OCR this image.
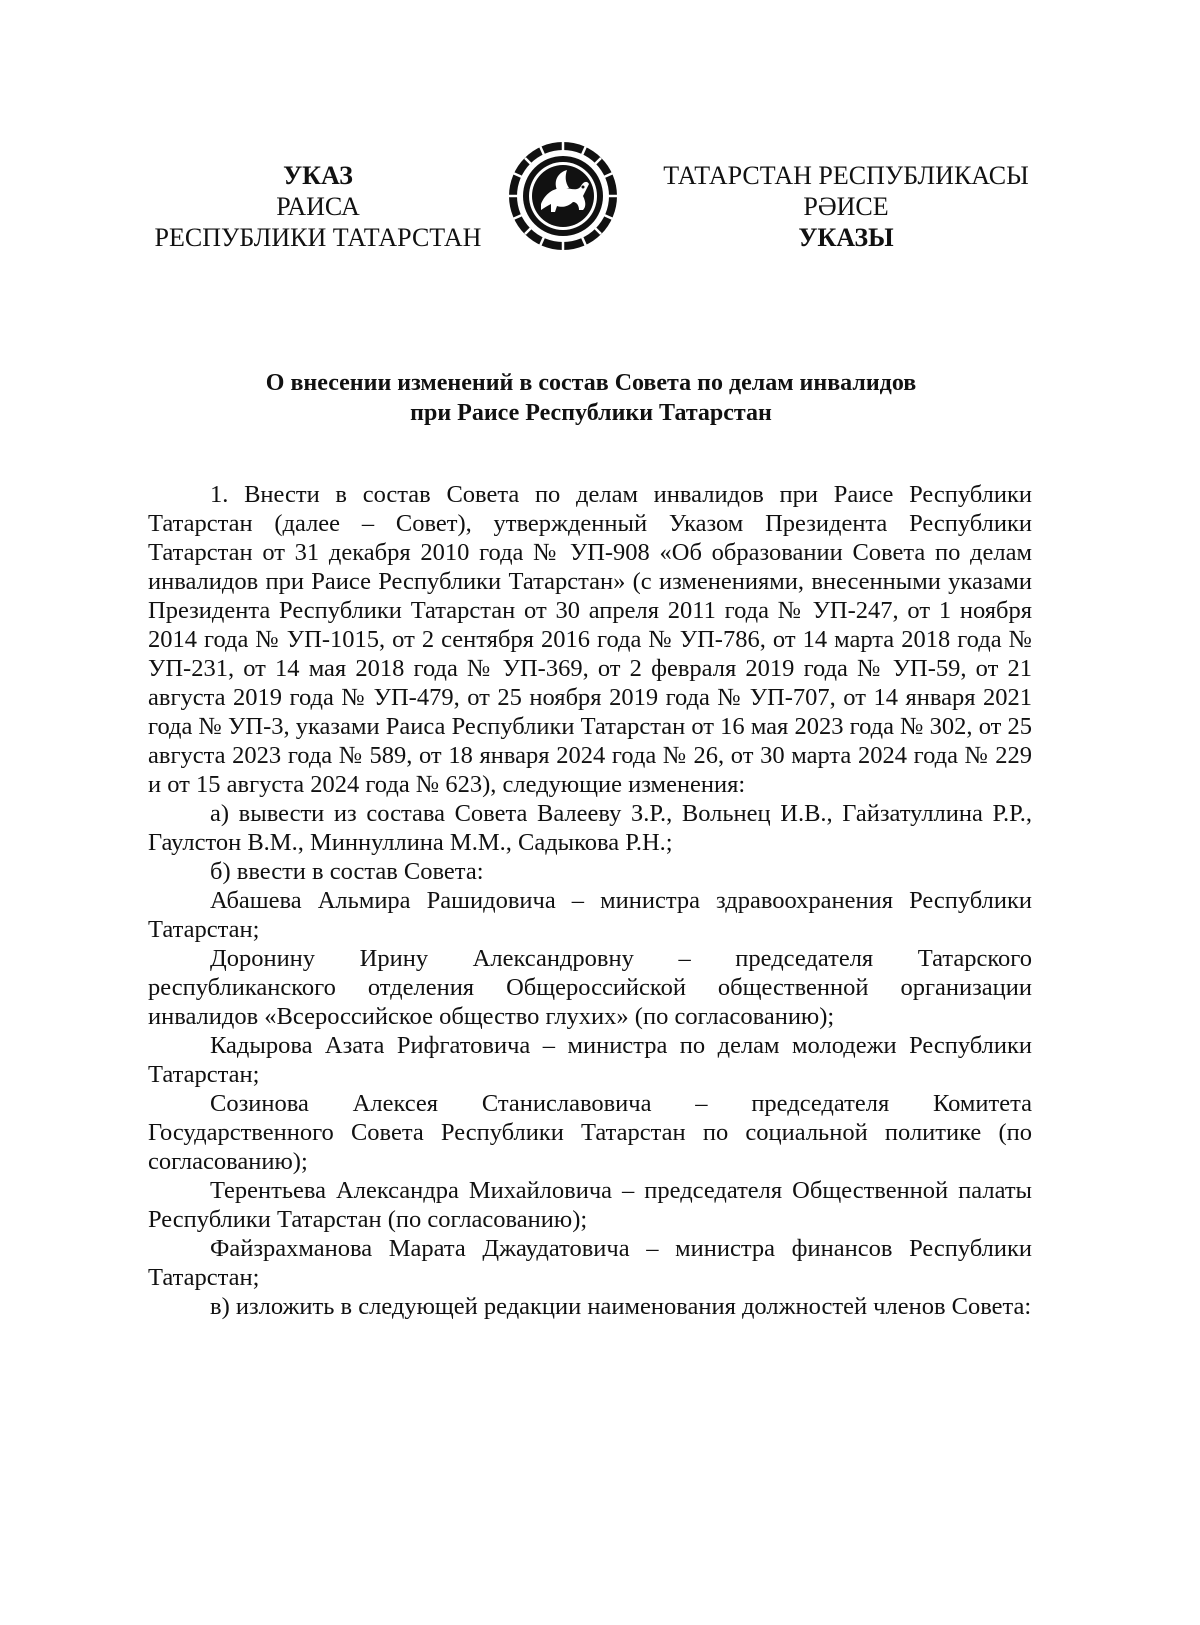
УКАЗ
РАИСА
РЕСПУБЛИКИ ТАТАРСТАН
ТАТАРСТАН РЕСПУБЛИКАСЫ
РӘИСЕ
УКАЗЫ
О внесении изменений в состав Совета по делам инвалидов
при Раисе Республики Татарстан

1. Внести в состав Совета по делам инвалидов при Раисе Республики Татарстан (далее – Совет), утвержденный Указом Президента Республики Татарстан от 31 декабря 2010 года № УП-908 «Об образовании Совета по делам инвалидов при Раисе Республики Татарстан» (с изменениями, внесенными указами Президента Республики Татарстан от 30 апреля 2011 года № УП-247, от 1 ноября 2014 года № УП-1015, от 2 сентября 2016 года № УП-786, от 14 марта 2018 года № УП-231, от 14 мая 2018 года № УП-369, от 2 февраля 2019 года № УП-59, от 21 августа 2019 года № УП-479, от 25 ноября 2019 года № УП-707, от 14 января 2021 года № УП-3, указами Раиса Республики Татарстан от 16 мая 2023 года № 302, от 25 августа 2023 года № 589, от 18 января 2024 года № 26, от 30 марта 2024 года № 229 и от 15 августа 2024 года № 623), следующие изменения:

а) вывести из состава Совета Валееву З.Р., Вольнец И.В., Гайзатуллина Р.Р., Гаулстон В.М., Миннуллина М.М., Садыкова Р.Н.;

б) ввести в состав Совета:

Абашева Альмира Рашидовича – министра здравоохранения Республики Татарстан;

Доронину Ирину Александровну – председателя Татарского республиканского отделения Общероссийской общественной организации инвалидов «Всероссийское общество глухих» (по согласованию);

Кадырова Азата Рифгатовича – министра по делам молодежи Республики Татарстан;

Созинова Алексея Станиславовича – председателя Комитета Государственного Совета Республики Татарстан по социальной политике (по согласованию);

Терентьева Александра Михайловича – председателя Общественной палаты Республики Татарстан (по согласованию);

Файзрахманова Марата Джаудатовича – министра финансов Республики Татарстан;

в) изложить в следующей редакции наименования должностей членов Совета:
